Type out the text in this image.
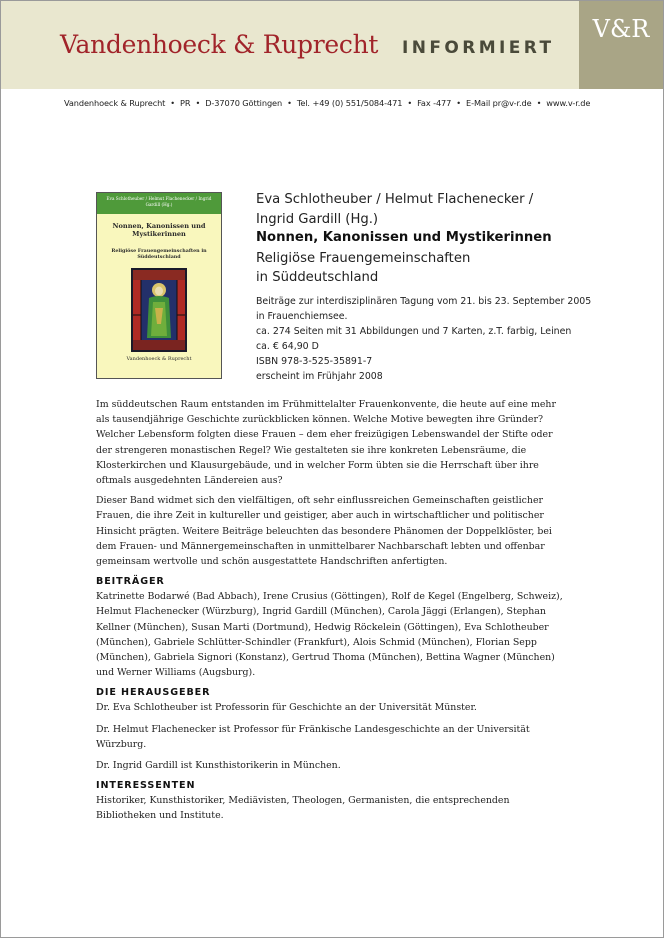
Vandenhoeck & Ruprecht INFORMIERT
V&R
Vandenhoeck & Ruprecht • PR • D-37070 Göttingen • Tel. +49 (0) 551/5084-471 • Fax -477 • E-Mail pr@v-r.de • www.v-r.de
Eva Schlotheuber / Helmut Flachenecker / Ingrid Gardill (Hg.)
Nonnen, Kanonissen und Mystikerinnen
Religiöse Frauengemeinschaften in Süddeutschland
Vandenhoeck & Ruprecht
Eva Schlotheuber / Helmut Flachenecker /
Ingrid Gardill (Hg.)
Nonnen, Kanonissen und Mystikerinnen
Religiöse Frauengemeinschaften
in Süddeutschland
Beiträge zur interdisziplinären Tagung vom 21. bis 23. September 2005
in Frauenchiemsee.
ca. 274 Seiten mit 31 Abbildungen und 7 Karten, z.T. farbig, Leinen
ca. € 64,90 D
ISBN 978-3-525-35891-7
erscheint im Frühjahr 2008

Im süddeutschen Raum entstanden im Frühmittelalter Frauenkonvente, die heute auf eine mehr als tausendjährige Geschichte zurückblicken können. Welche Motive bewegten ihre Gründer? Welcher Lebensform folgten diese Frauen – dem eher freizügigen Lebenswandel der Stifte oder der strengeren monastischen Regel? Wie gestalteten sie ihre konkreten Lebensräume, die Klosterkirchen und Klausurgebäude, und in welcher Form übten sie die Herrschaft über ihre oftmals ausgedehnten Ländereien aus?

Dieser Band widmet sich den vielfältigen, oft sehr einflussreichen Gemeinschaften geistlicher Frauen, die ihre Zeit in kultureller und geistiger, aber auch in wirtschaftlicher und politischer Hinsicht prägten. Weitere Beiträge beleuchten das besondere Phänomen der Doppelklöster, bei dem Frauen- und Männergemeinschaften in unmittelbarer Nachbarschaft lebten und offenbar gemeinsam wertvolle und schön ausgestattete Handschriften anfertigten.

BEITRÄGER

Katrinette Bodarwé (Bad Abbach), Irene Crusius (Göttingen), Rolf de Kegel (Engelberg, Schweiz), Helmut Flachenecker (Würzburg), Ingrid Gardill (München), Carola Jäggi (Erlangen), Stephan Kellner (München), Susan Marti (Dortmund), Hedwig Röckelein (Göttingen), Eva Schlotheuber (München), Gabriele Schlütter-Schindler (Frankfurt), Alois Schmid (München), Florian Sepp (München), Gabriela Signori (Konstanz), Gertrud Thoma (München), Bettina Wagner (München) und Werner Williams (Augsburg).

DIE HERAUSGEBER

Dr. Eva Schlotheuber ist Professorin für Geschichte an der Universität Münster.

Dr. Helmut Flachenecker ist Professor für Fränkische Landesgeschichte an der Universität Würzburg.

Dr. Ingrid Gardill ist Kunsthistorikerin in München.

INTERESSENTEN

Historiker, Kunsthistoriker, Mediävisten, Theologen, Germanisten, die entsprechenden Bibliotheken und Institute.
